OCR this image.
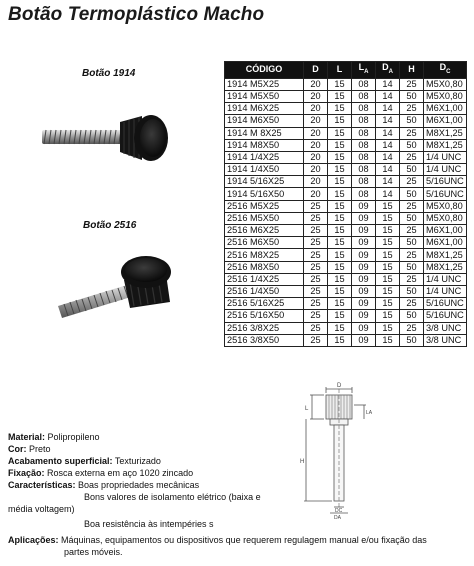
Botão Termoplástico Macho
Botão 1914
Botão 2516
CÓDIGO	D	L	$L_A$	$D_A$	H	$D_C$
1914 M5X25	20	15	08	14	25	M5X0,80
1914 M5X50	20	15	08	14	50	M5X0,80
1914 M6X25	20	15	08	14	25	M6X1,00
1914 M6X50	20	15	08	14	50	M6X1,00
1914 M 8X25	20	15	08	14	25	M8X1,25
1914 M8X50	20	15	08	14	50	M8X1,25
1914 1/4X25	20	15	08	14	25	1/4 UNC
1914 1/4X50	20	15	08	14	50	1/4 UNC
1914 5/16X25	20	15	08	14	25	5/16UNC
1914 5/16X50	20	15	08	14	50	5/16UNC
2516 M5X25	25	15	09	15	25	M5X0,80
2516 M5X50	25	15	09	15	50	M5X0,80
2516 M6X25	25	15	09	15	25	M6X1,00
2516 M6X50	25	15	09	15	50	M6X1,00
2516 M8X25	25	15	09	15	25	M8X1,25
2516 M8X50	25	15	09	15	50	M8X1,25
2516 1/4X25	25	15	09	15	25	1/4 UNC
2516 1/4X50	25	15	09	15	50	1/4 UNC
2516 5/16X25	25	15	09	15	25	5/16UNC
2516 5/16X50	25	15	09	15	50	5/16UNC
2516 3/8X25	25	15	09	15	25	3/8 UNC
2516 3/8X50	25	15	09	15	50	3/8 UNC
D
L
LA
H
DC
DA
Material: Polipropileno
Cor: Preto
Acabamento superficial: Texturizado
Fixação: Rosca externa em aço 1020 zincado
Características: Boas propriedades mecânicas
Bons valores de isolamento elétrico (baixa e
média voltagem)
Boa resistência às intempéries s
Aplicações: Máquinas, equipamentos ou dispositivos que requerem regulagem manual e/ou fixação das
partes móveis.
